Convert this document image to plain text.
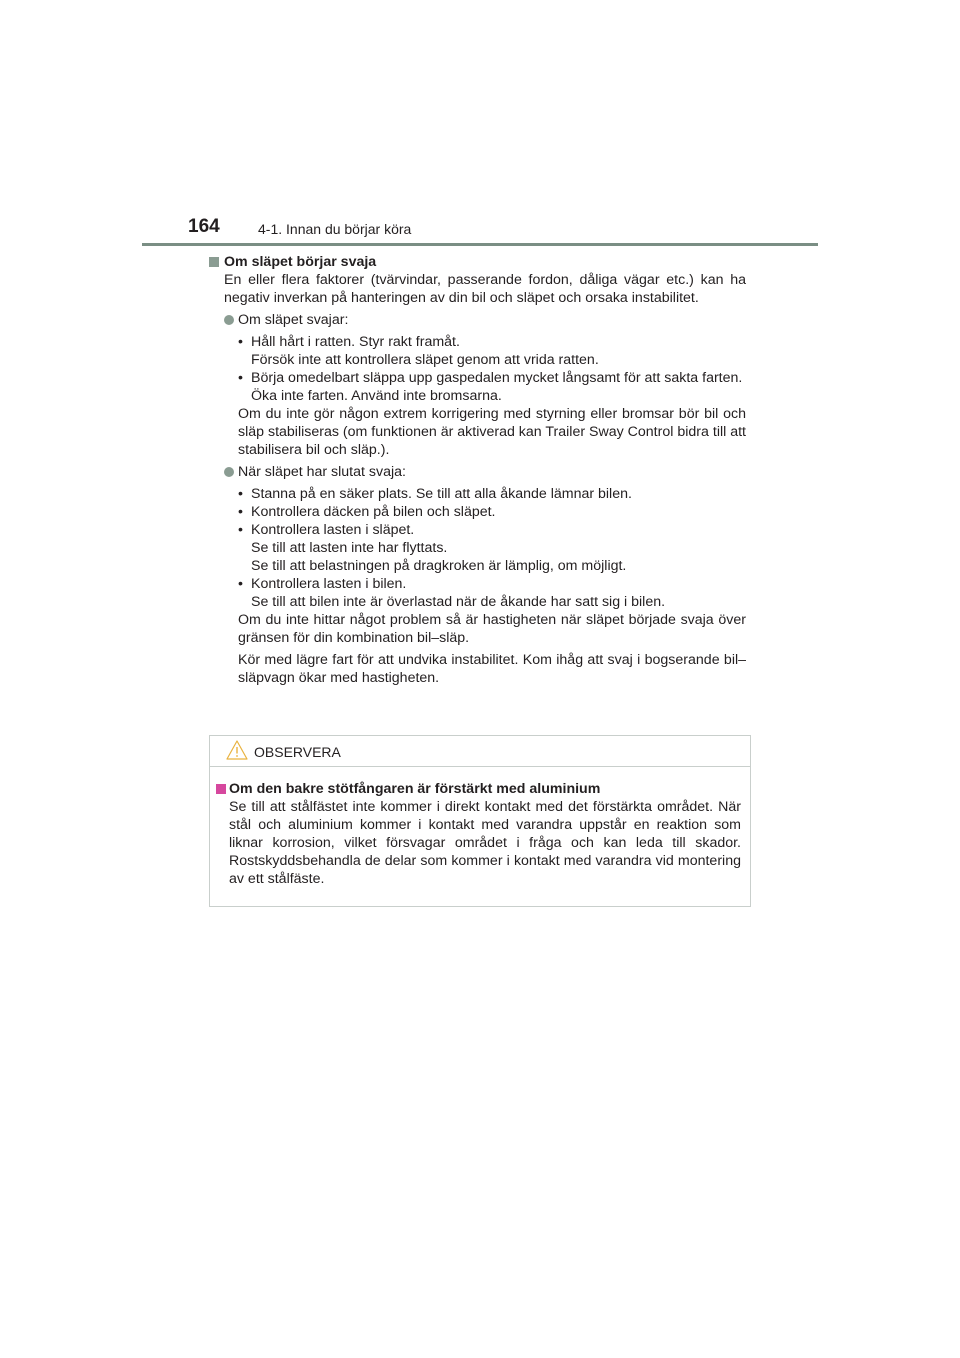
164	4-1. Innan du börjar köra
Om släpet börjar svaja
En eller flera faktorer (tvärvindar, passerande fordon, dåliga vägar etc.) kan ha negativ inverkan på hanteringen av din bil och släpet och orsaka instabilitet.
Om släpet svajar:
• Håll hårt i ratten. Styr rakt framåt.
Försök inte att kontrollera släpet genom att vrida ratten.
• Börja omedelbart släppa upp gaspedalen mycket långsamt för att sakta farten.
Öka inte farten. Använd inte bromsarna.
Om du inte gör någon extrem korrigering med styrning eller bromsar bör bil och släp stabiliseras (om funktionen är aktiverad kan Trailer Sway Control bidra till att stabilisera bil och släp.).
När släpet har slutat svaja:
• Stanna på en säker plats. Se till att alla åkande lämnar bilen.
• Kontrollera däcken på bilen och släpet.
• Kontrollera lasten i släpet.
Se till att lasten inte har flyttats.
Se till att belastningen på dragkroken är lämplig, om möjligt.
• Kontrollera lasten i bilen.
Se till att bilen inte är överlastad när de åkande har satt sig i bilen.
Om du inte hittar något problem så är hastigheten när släpet började svaja över gränsen för din kombination bil–släp.
Kör med lägre fart för att undvika instabilitet. Kom ihåg att svaj i bogserande bil–släpvagn ökar med hastigheten.
OBSERVERA
Om den bakre stötfångaren är förstärkt med aluminium
Se till att stålfästet inte kommer i direkt kontakt med det förstärkta området. När stål och aluminium kommer i kontakt med varandra uppstår en reaktion som liknar korrosion, vilket försvagar området i fråga och kan leda till skador. Rostskyddsbehandla de delar som kommer i kontakt med varandra vid montering av ett stålfäste.
